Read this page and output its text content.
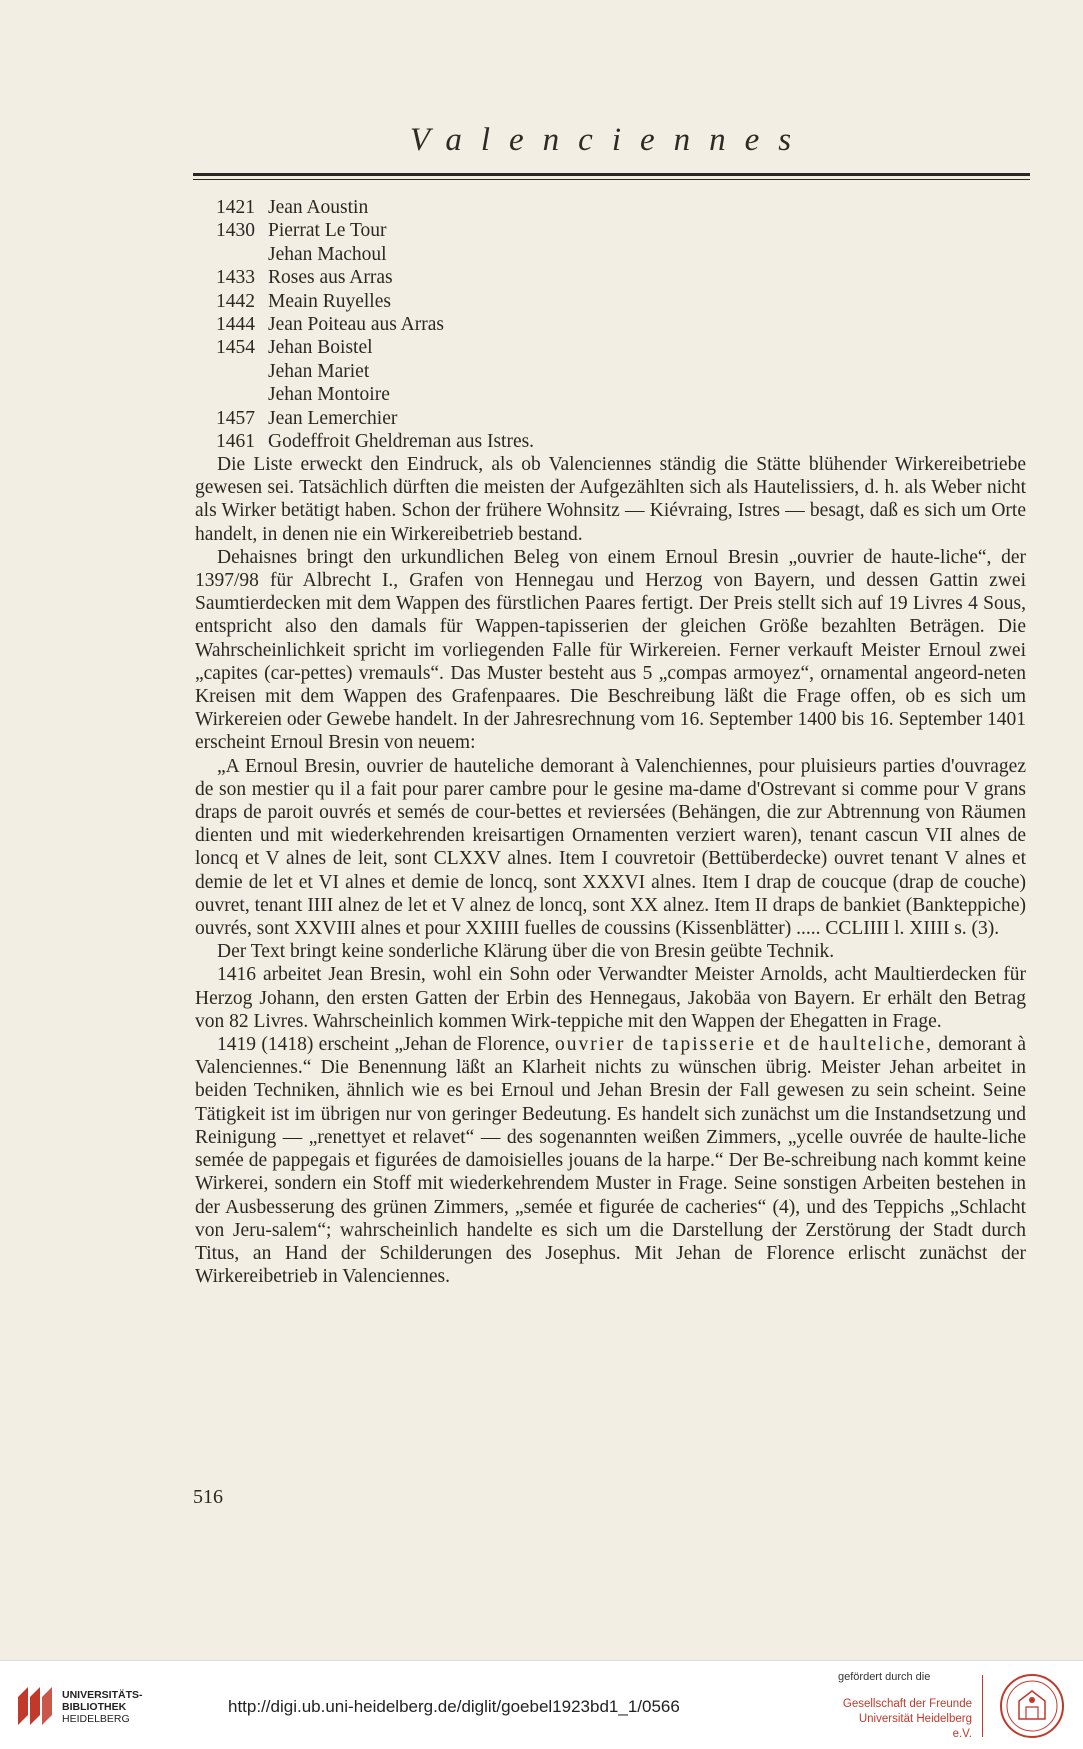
Valenciennes
1421 Jean Aoustin
1430 Pierrat Le Tour
Jehan Machoul
1433 Roses aus Arras
1442 Meain Ruyelles
1444 Jean Poiteau aus Arras
1454 Jehan Boistel
Jehan Mariet
Jehan Montoire
1457 Jean Lemerchier
1461 Godeffroit Gheldreman aus Istres.

Die Liste erweckt den Eindruck, als ob Valenciennes ständig die Stätte blühender Wirkereibetriebe gewesen sei. Tatsächlich dürften die meisten der Aufgezählten sich als Hautelissiers, d. h. als Weber nicht als Wirker betätigt haben. Schon der frühere Wohnsitz — Kiévraing, Istres — besagt, daß es sich um Orte handelt, in denen nie ein Wirkereibetrieb bestand.

Dehaisnes bringt den urkundlichen Beleg von einem Ernoul Bresin „ouvrier de haute-liche“, der 1397/98 für Albrecht I., Grafen von Hennegau und Herzog von Bayern, und dessen Gattin zwei Saumtierdecken mit dem Wappen des fürstlichen Paares fertigt. Der Preis stellt sich auf 19 Livres 4 Sous, entspricht also den damals für Wappen-tapisserien der gleichen Größe bezahlten Beträgen. Die Wahrscheinlichkeit spricht im vorliegenden Falle für Wirkereien. Ferner verkauft Meister Ernoul zwei „capites (car-pettes) vremauls“. Das Muster besteht aus 5 „compas armoyez“, ornamental angeord-neten Kreisen mit dem Wappen des Grafenpaares. Die Beschreibung läßt die Frage offen, ob es sich um Wirkereien oder Gewebe handelt. In der Jahresrechnung vom 16. September 1400 bis 16. September 1401 erscheint Ernoul Bresin von neuem:

„A Ernoul Bresin, ouvrier de hauteliche demorant à Valenchiennes, pour pluisieurs parties d'ouvragez de son mestier qu il a fait pour parer cambre pour le gesine ma-dame d'Ostrevant si comme pour V grans draps de paroit ouvrés et semés de cour-bettes et reviersées (Behängen, die zur Abtrennung von Räumen dienten und mit wiederkehrenden kreisartigen Ornamenten verziert waren), tenant cascun VII alnes de loncq et V alnes de leit, sont CLXXV alnes. Item I couvretoir (Bettüberdecke) ouvret tenant V alnes et demie de let et VI alnes et demie de loncq, sont XXXVI alnes. Item I drap de coucque (drap de couche) ouvret, tenant IIII alnez de let et V alnez de loncq, sont XX alnez. Item II draps de bankiet (Bankteppiche) ouvrés, sont XXVIII alnes et pour XXIIII fuelles de coussins (Kissenblätter) ..... CCLIIII l. XIIII s. (3).

Der Text bringt keine sonderliche Klärung über die von Bresin geübte Technik.

1416 arbeitet Jean Bresin, wohl ein Sohn oder Verwandter Meister Arnolds, acht Maultierdecken für Herzog Johann, den ersten Gatten der Erbin des Hennegaus, Jakobäa von Bayern. Er erhält den Betrag von 82 Livres. Wahrscheinlich kommen Wirk-teppiche mit den Wappen der Ehegatten in Frage.

1419 (1418) erscheint „Jehan de Florence, ouvrier de tapisserie et de haulteliche, demorant à Valenciennes.“ Die Benennung läßt an Klarheit nichts zu wünschen übrig. Meister Jehan arbeitet in beiden Techniken, ähnlich wie es bei Ernoul und Jehan Bresin der Fall gewesen zu sein scheint. Seine Tätigkeit ist im übrigen nur von geringer Bedeutung. Es handelt sich zunächst um die Instandsetzung und Reinigung — „renettyet et relavet“ — des sogenannten weißen Zimmers, „ycelle ouvrée de haulte-liche semée de pappegais et figurées de damoisielles jouans de la harpe.“ Der Be-schreibung nach kommt keine Wirkerei, sondern ein Stoff mit wiederkehrendem Muster in Frage. Seine sonstigen Arbeiten bestehen in der Ausbesserung des grünen Zimmers, „semée et figurée de cacheries“ (4), und des Teppichs „Schlacht von Jeru-salem“; wahrscheinlich handelte es sich um die Darstellung der Zerstörung der Stadt durch Titus, an Hand der Schilderungen des Josephus. Mit Jehan de Florence erlischt zunächst der Wirkereibetrieb in Valenciennes.

516
UNIVERSITÄTS-
BIBLIOTHEK
HEIDELBERG
http://digi.ub.uni-heidelberg.de/diglit/goebel1923bd1_1/0566
gefördert durch die
Gesellschaft der Freunde
Universität Heidelberg e.V.
